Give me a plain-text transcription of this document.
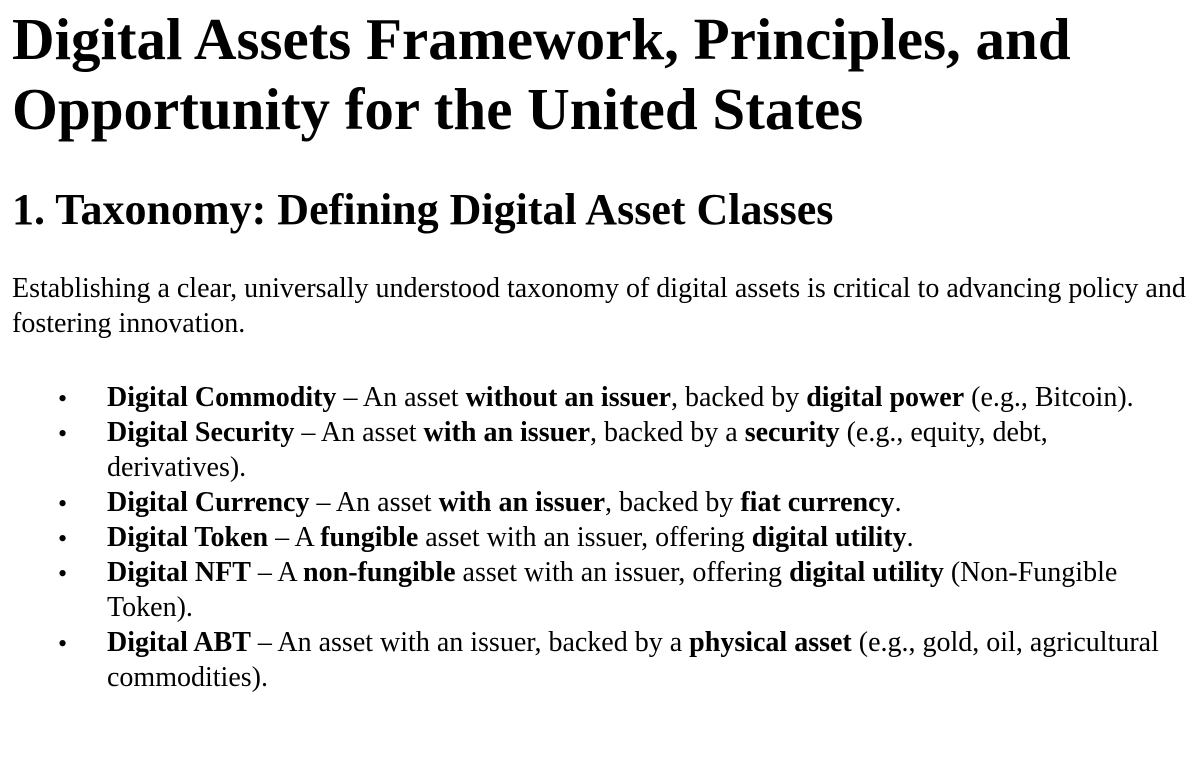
Digital Assets Framework, Principles, and Opportunity for the United States
1. Taxonomy: Defining Digital Asset Classes

Establishing a clear, universally understood taxonomy of digital assets is critical to advancing policy and fostering innovation.

• Digital Commodity – An asset without an issuer, backed by digital power (e.g., Bitcoin).
• Digital Security – An asset with an issuer, backed by a security (e.g., equity, debt, derivatives).
• Digital Currency – An asset with an issuer, backed by fiat currency.
• Digital Token – A fungible asset with an issuer, offering digital utility.
• Digital NFT – A non-fungible asset with an issuer, offering digital utility (Non-Fungible Token).
• Digital ABT – An asset with an issuer, backed by a physical asset (e.g., gold, oil, agricultural commodities).
